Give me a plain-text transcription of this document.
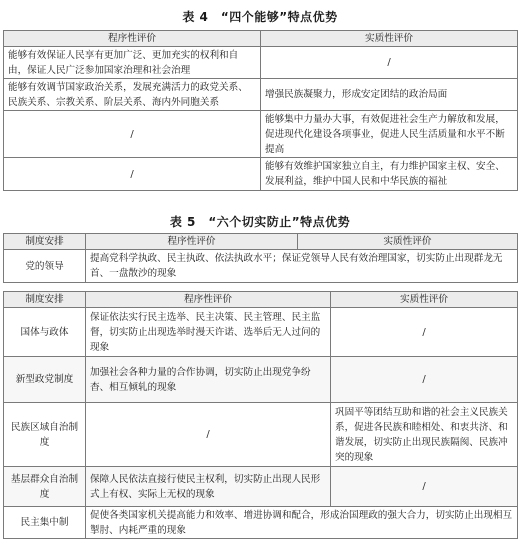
表 4　“四个能够”特点优势
程序性评价	实质性评价
能够有效保证人民享有更加广泛、更加充实的权利和自由，保证人民广泛参加国家治理和社会治理	/
能够有效调节国家政治关系，发展充满活力的政党关系、民族关系、宗教关系、阶层关系、海内外同胞关系	增强民族凝聚力，形成安定团结的政治局面
/	能够集中力量办大事，有效促进社会生产力解放和发展，促进现代化建设各项事业，促进人民生活质量和水平不断提高
/	能够有效维护国家独立自主，有力维护国家主权、安全、发展利益，维护中国人民和中华民族的福祉
表 5　“六个切实防止”特点优势
制度安排	程序性评价	实质性评价
党的领导	提高党科学执政、民主执政、依法执政水平；保证党领导人民有效治理国家，切实防止出现群龙无首、一盘散沙的现象	
制度安排	程序性评价	实质性评价
国体与政体	保证依法实行民主选举、民主决策、民主管理、民主监督，切实防止出现选举时漫天许诺、选举后无人过问的现象	/
新型政党制度	加强社会各种力量的合作协调，切实防止出现党争纷杳、相互倾轧的现象	/
民族区域自治制度	/	巩固平等团结互助和谐的社会主义民族关系，促进各民族和睦相处、和衷共济、和谐发展，切实防止出现民族隔阂、民族冲突的现象
基层群众自治制度	保障人民依法直接行使民主权利，切实防止出现人民形式上有权、实际上无权的现象	/
民主集中制	促使各类国家机关提高能力和效率、增进协调和配合，形成治国理政的强大合力，切实防止出现相互掣肘、内耗严重的现象	
